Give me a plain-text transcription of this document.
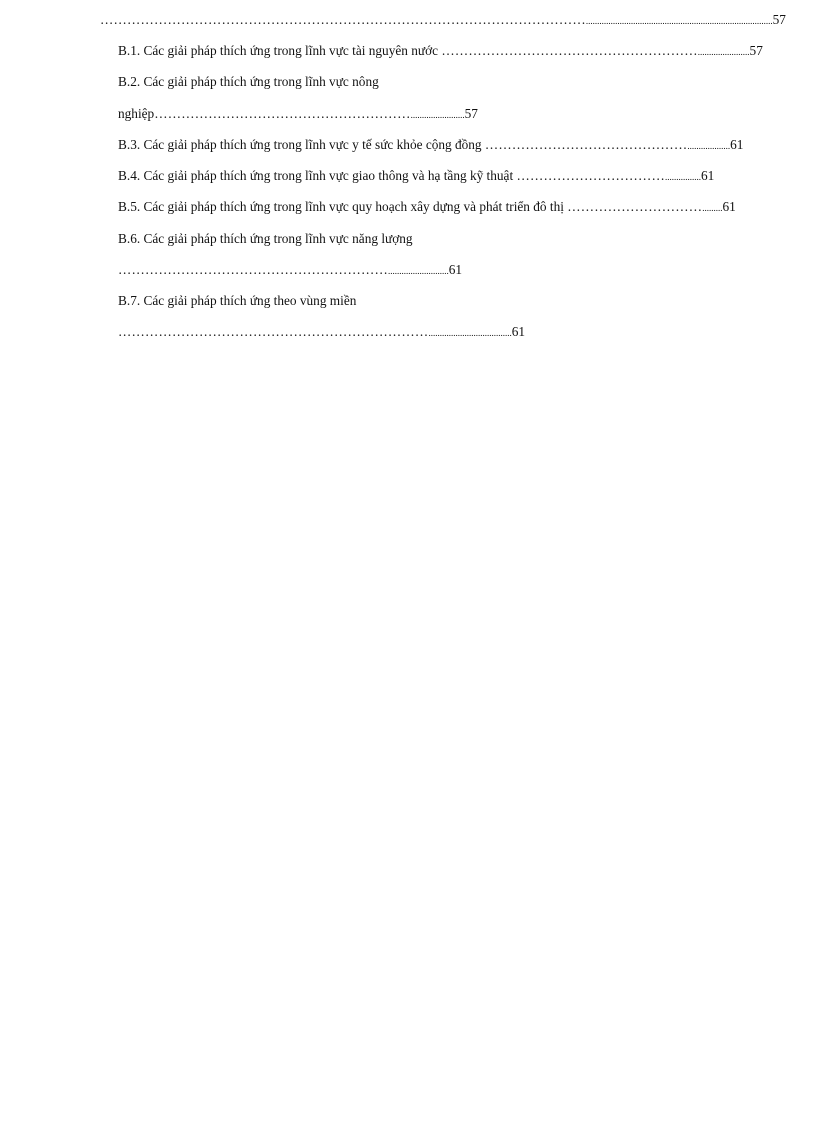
………………………………………………………………………………………………...................................................................................57
B.1. Các giải pháp thích ứng trong lĩnh vực tài nguyên nước ………………………………………………….......................57
B.2. Các giải pháp thích ứng trong lĩnh vực nông
nghiệp…………………………………………………........................57
B.3. Các giải pháp thích ứng trong lĩnh vực y tế sức khỏe cộng đồng ………………………………………...................61
B.4. Các giải pháp thích ứng trong lĩnh vực giao thông và hạ tầng kỹ thuật ……………………………................61
B.5. Các giải pháp thích ứng trong lĩnh vực quy hoạch xây dựng và phát triển đô thị ………………………….........61
B.6. Các giải pháp thích ứng trong lĩnh vực năng lượng
……………………………………………………...........................61
B.7. Các giải pháp thích ứng theo vùng miền
…………………………………………………………….....................................61
